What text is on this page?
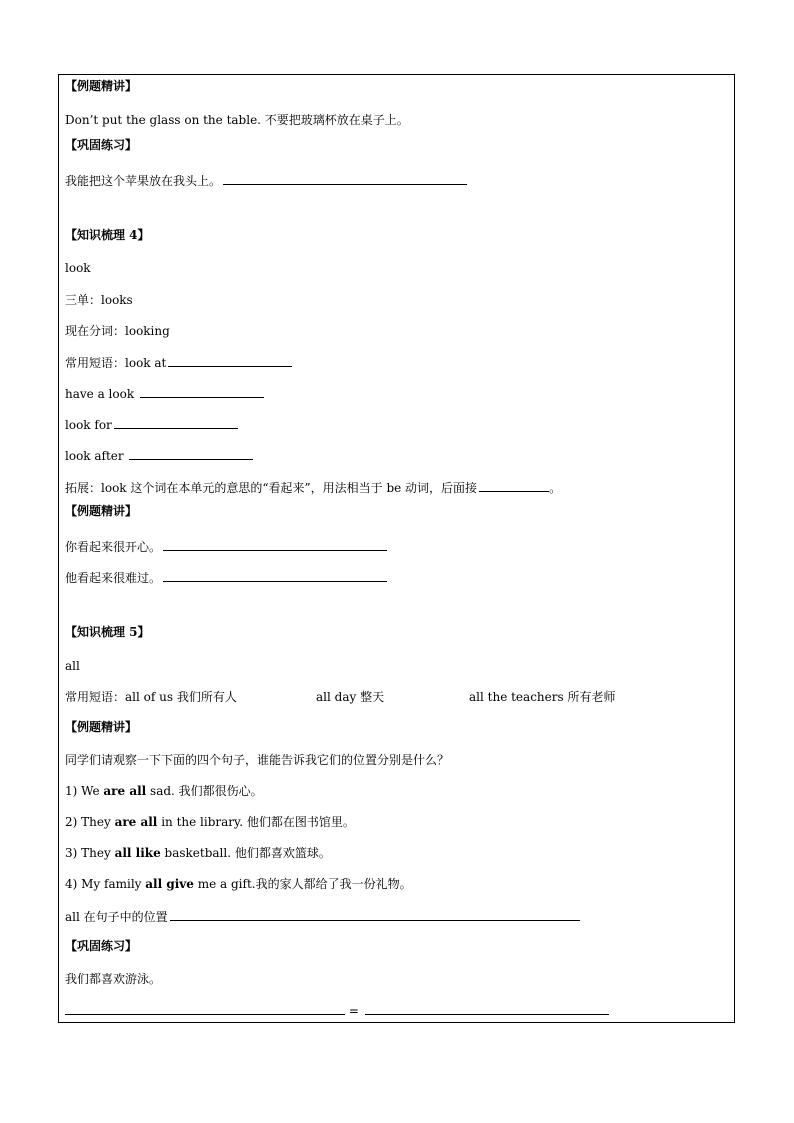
【例题精讲】
Don’t put the glass on the table. 不要把玻璃杯放在桌子上。
【巩固练习】
我能把这个苹果放在我头上。
【知识梳理 4】
look
三单：looks
现在分词：looking
常用短语：look at
have a look
look for
look after
拓展：look 这个词在本单元的意思的“看起来”，用法相当于 be 动词，后面接	。
【例题精讲】
你看起来很开心。
他看起来很难过。
【知识梳理 5】
all
常用短语：all of us 我们所有人	all day 整天	all the teachers 所有老师
【例题精讲】
同学们请观察一下下面的四个句子，谁能告诉我它们的位置分别是什么？
1) We are all sad. 我们都很伤心。
2) They are all in the library. 他们都在图书馆里。
3) They all like basketball. 他们都喜欢篮球。
4) My family all give me a gift.我的家人都给了我一份礼物。
all 在句子中的位置
【巩固练习】
我们都喜欢游泳。
=
